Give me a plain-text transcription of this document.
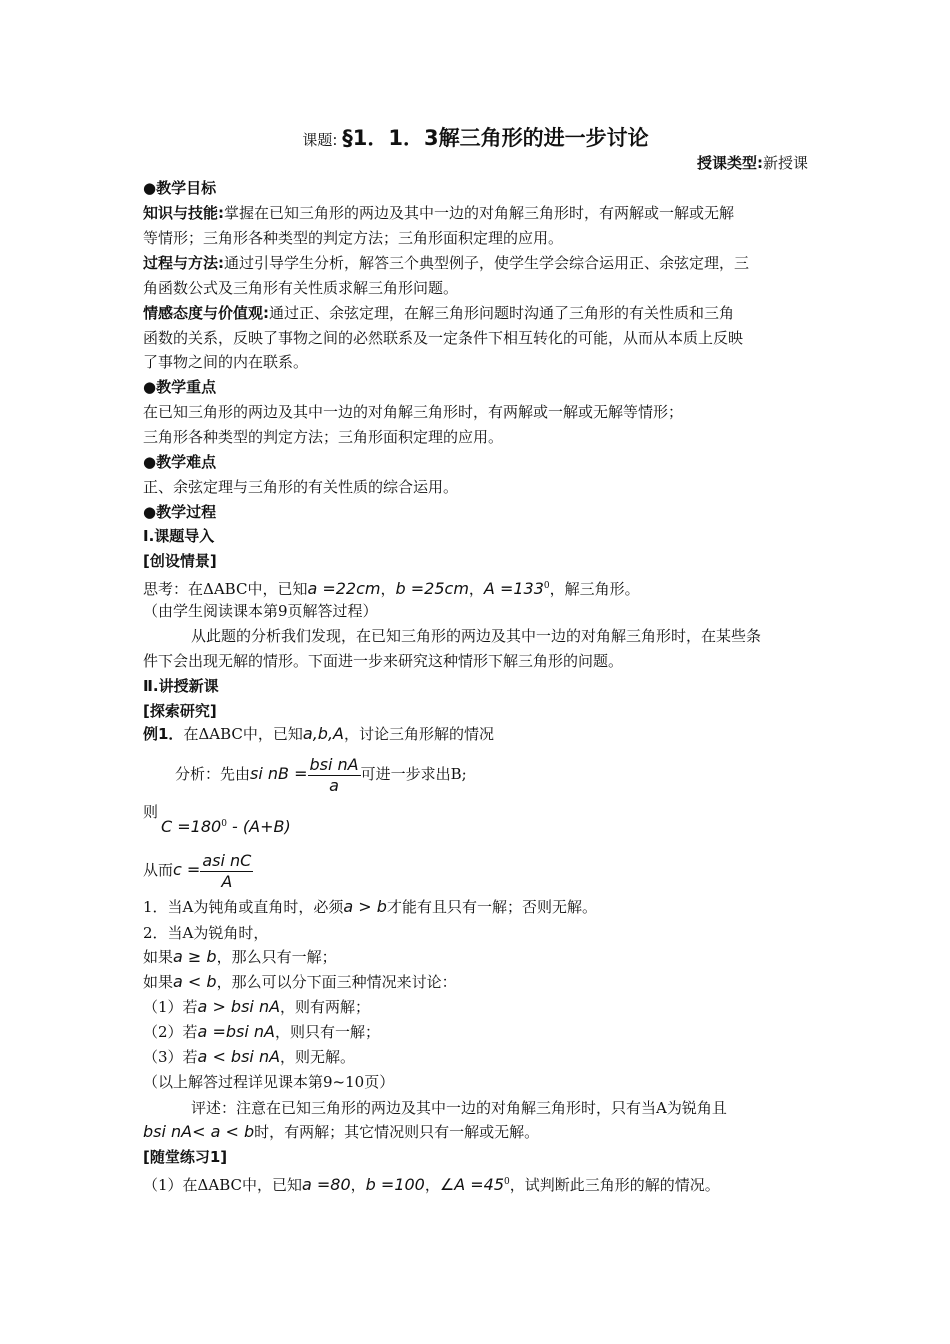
课题: §1．1．3解三角形的进一步讨论
授课类型:新授课
●教学目标
知识与技能:掌握在已知三角形的两边及其中一边的对角解三角形时，有两解或一解或无解
等情形；三角形各种类型的判定方法；三角形面积定理的应用。
过程与方法:通过引导学生分析，解答三个典型例子，使学生学会综合运用正、余弦定理，三
角函数公式及三角形有关性质求解三角形问题。
情感态度与价值观:通过正、余弦定理，在解三角形问题时沟通了三角形的有关性质和三角
函数的关系，反映了事物之间的必然联系及一定条件下相互转化的可能，从而从本质上反映
了事物之间的内在联系。
●教学重点
在已知三角形的两边及其中一边的对角解三角形时，有两解或一解或无解等情形；
三角形各种类型的判定方法；三角形面积定理的应用。
●教学难点
正、余弦定理与三角形的有关性质的综合运用。
●教学过程
Ⅰ.课题导入
[创设情景]
思考：在ΔABC中，已知a =22cm，b =25cm，$A =133^0$，解三角形。
（由学生阅读课本第9页解答过程）
从此题的分析我们发现，在已知三角形的两边及其中一边的对角解三角形时，在某些条
件下会出现无解的情形。下面进一步来研究这种情形下解三角形的问题。
Ⅱ.讲授新课
[探索研究]
例1．在ΔABC中，已知a,b,A，讨论三角形解的情况
分析：先由si nB = $\frac{\text{bsi nA}}{a}$ 可进一步求出B;
则
$C =180^0 - (A+B)$
从而$c = \frac{\text{asi nC}}{A}$
1．当A为钝角或直角时，必须a > b才能有且只有一解；否则无解。
2．当A为锐角时，
如果a ≥ b，那么只有一解；
如果a < b，那么可以分下面三种情况来讨论：
（1）若a > bsi nA，则有两解；
（2）若a =bsi nA，则只有一解；
（3）若a < bsi nA，则无解。
（以上解答过程详见课本第9~10页）
评述：注意在已知三角形的两边及其中一边的对角解三角形时，只有当A为锐角且
bsi nA< a < b时，有两解；其它情况则只有一解或无解。
[随堂练习1]
（1）在ΔABC中，已知a =80，b =100，∠A $=45^0$，试判断此三角形的解的情况。
